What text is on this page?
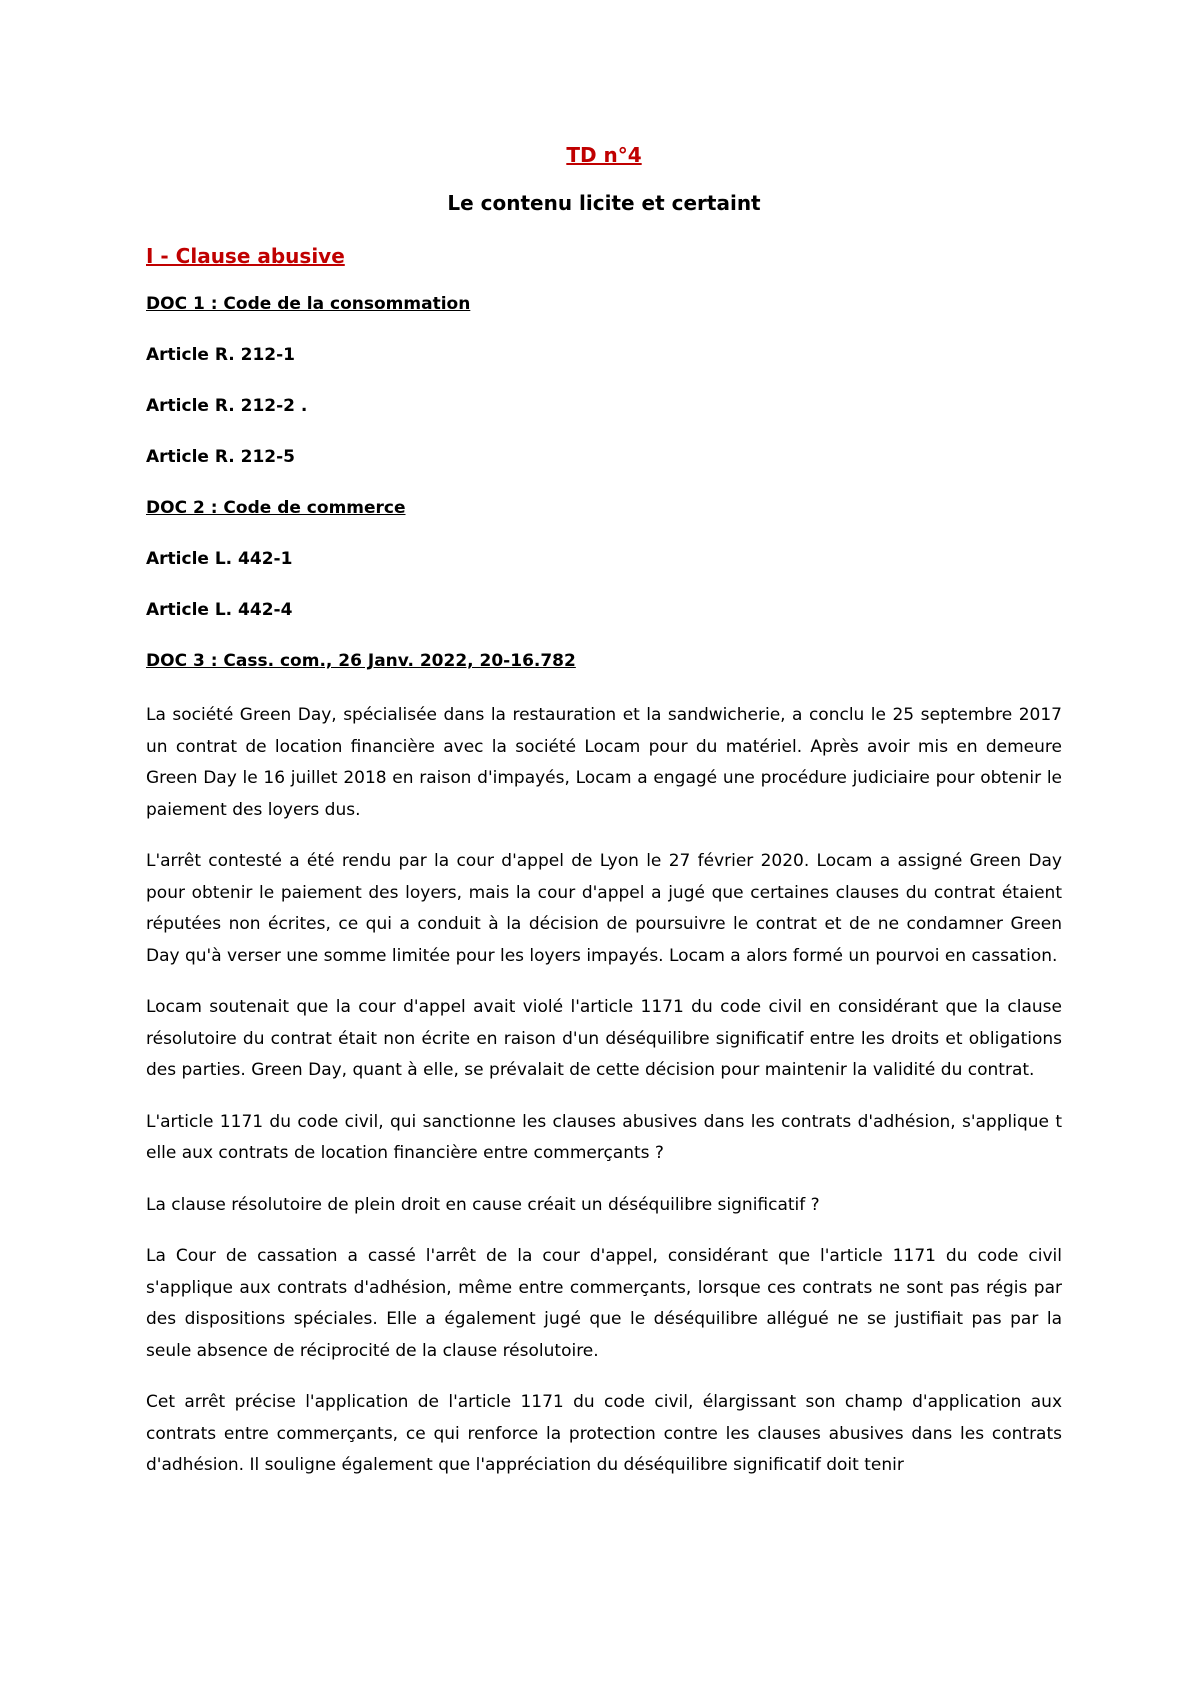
TD n°4
Le contenu licite et certaint
I - Clause abusive
DOC 1 : Code de la consommation
Article R. 212-1
Article R. 212-2 .
Article R. 212-5
DOC 2 : Code de commerce
Article L. 442-1
Article L. 442-4
DOC 3 : Cass. com., 26 Janv. 2022, 20-16.782

La société Green Day, spécialisée dans la restauration et la sandwicherie, a conclu le 25 septembre 2017 un contrat de location financière avec la société Locam pour du matériel. Après avoir mis en demeure Green Day le 16 juillet 2018 en raison d'impayés, Locam a engagé une procédure judiciaire pour obtenir le paiement des loyers dus.

L'arrêt contesté a été rendu par la cour d'appel de Lyon le 27 février 2020. Locam a assigné Green Day pour obtenir le paiement des loyers, mais la cour d'appel a jugé que certaines clauses du contrat étaient réputées non écrites, ce qui a conduit à la décision de poursuivre le contrat et de ne condamner Green Day qu'à verser une somme limitée pour les loyers impayés. Locam a alors formé un pourvoi en cassation.

Locam soutenait que la cour d'appel avait violé l'article 1171 du code civil en considérant que la clause résolutoire du contrat était non écrite en raison d'un déséquilibre significatif entre les droits et obligations des parties. Green Day, quant à elle, se prévalait de cette décision pour maintenir la validité du contrat.

L'article 1171 du code civil, qui sanctionne les clauses abusives dans les contrats d'adhésion, s'applique t elle aux contrats de location financière entre commerçants ?

La clause résolutoire de plein droit en cause créait un déséquilibre significatif ?

La Cour de cassation a cassé l'arrêt de la cour d'appel, considérant que l'article 1171 du code civil s'applique aux contrats d'adhésion, même entre commerçants, lorsque ces contrats ne sont pas régis par des dispositions spéciales. Elle a également jugé que le déséquilibre allégué ne se justifiait pas par la seule absence de réciprocité de la clause résolutoire.

Cet arrêt précise l'application de l'article 1171 du code civil, élargissant son champ d'application aux contrats entre commerçants, ce qui renforce la protection contre les clauses abusives dans les contrats d'adhésion. Il souligne également que l'appréciation du déséquilibre significatif doit tenir
